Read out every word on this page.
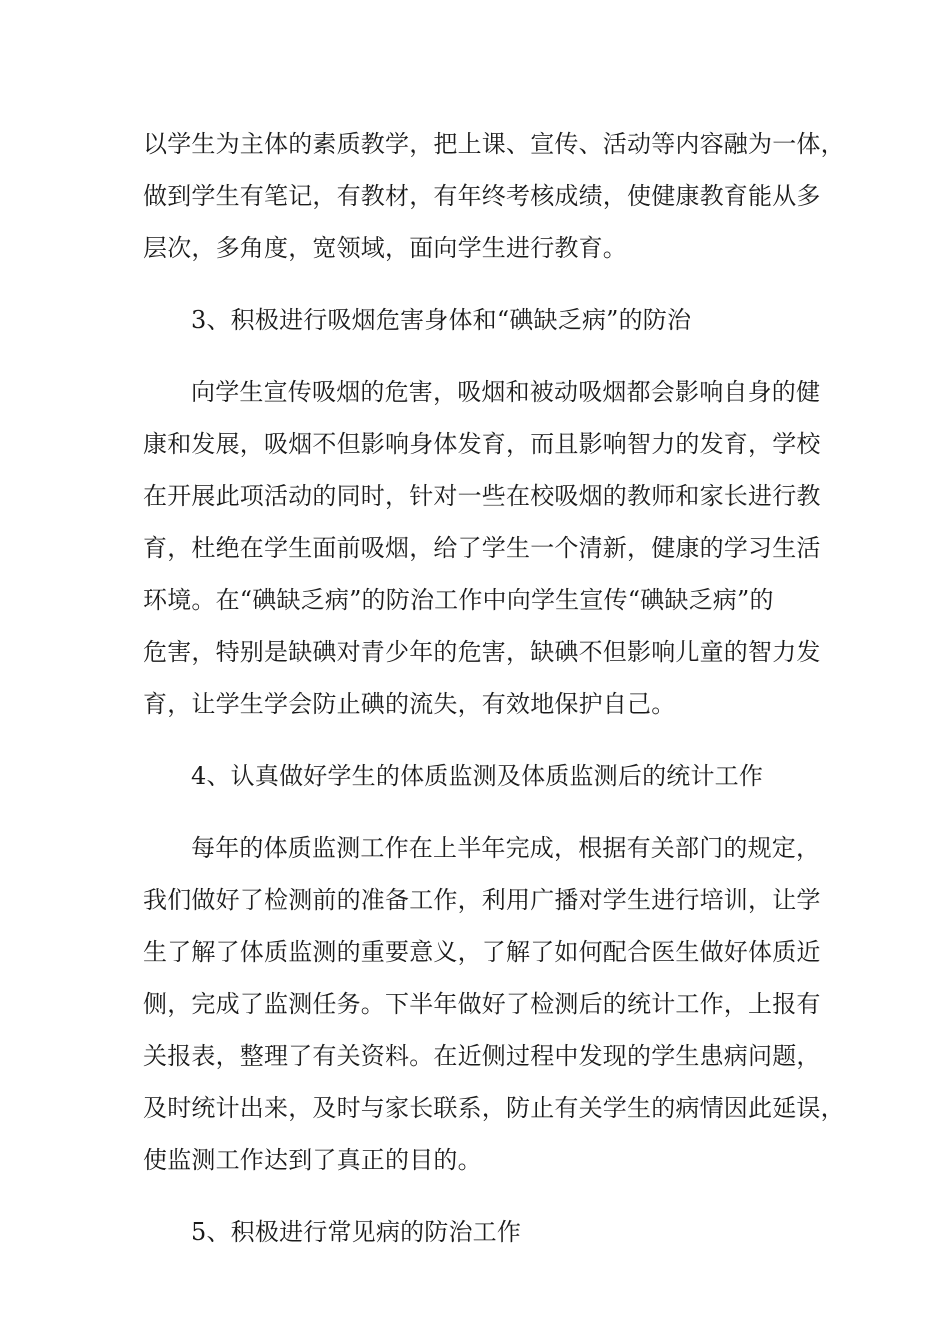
以学生为主体的素质教学，把上课、宣传、活动等内容融为一体，
做到学生有笔记，有教材，有年终考核成绩，使健康教育能从多
层次，多角度，宽领域，面向学生进行教育。
3、积极进行吸烟危害身体和“碘缺乏病”的防治
向学生宣传吸烟的危害，吸烟和被动吸烟都会影响自身的健
康和发展，吸烟不但影响身体发育，而且影响智力的发育，学校
在开展此项活动的同时，针对一些在校吸烟的教师和家长进行教
育，杜绝在学生面前吸烟，给了学生一个清新，健康的学习生活
环境。在“碘缺乏病”的防治工作中向学生宣传“碘缺乏病”的
危害，特别是缺碘对青少年的危害，缺碘不但影响儿童的智力发
育，让学生学会防止碘的流失，有效地保护自己。
4、认真做好学生的体质监测及体质监测后的统计工作
每年的体质监测工作在上半年完成，根据有关部门的规定，
我们做好了检测前的准备工作，利用广播对学生进行培训，让学
生了解了体质监测的重要意义，了解了如何配合医生做好体质近
侧，完成了监测任务。下半年做好了检测后的统计工作，上报有
关报表，整理了有关资料。在近侧过程中发现的学生患病问题，
及时统计出来，及时与家长联系，防止有关学生的病情因此延误，
使监测工作达到了真正的目的。
5、积极进行常见病的防治工作
